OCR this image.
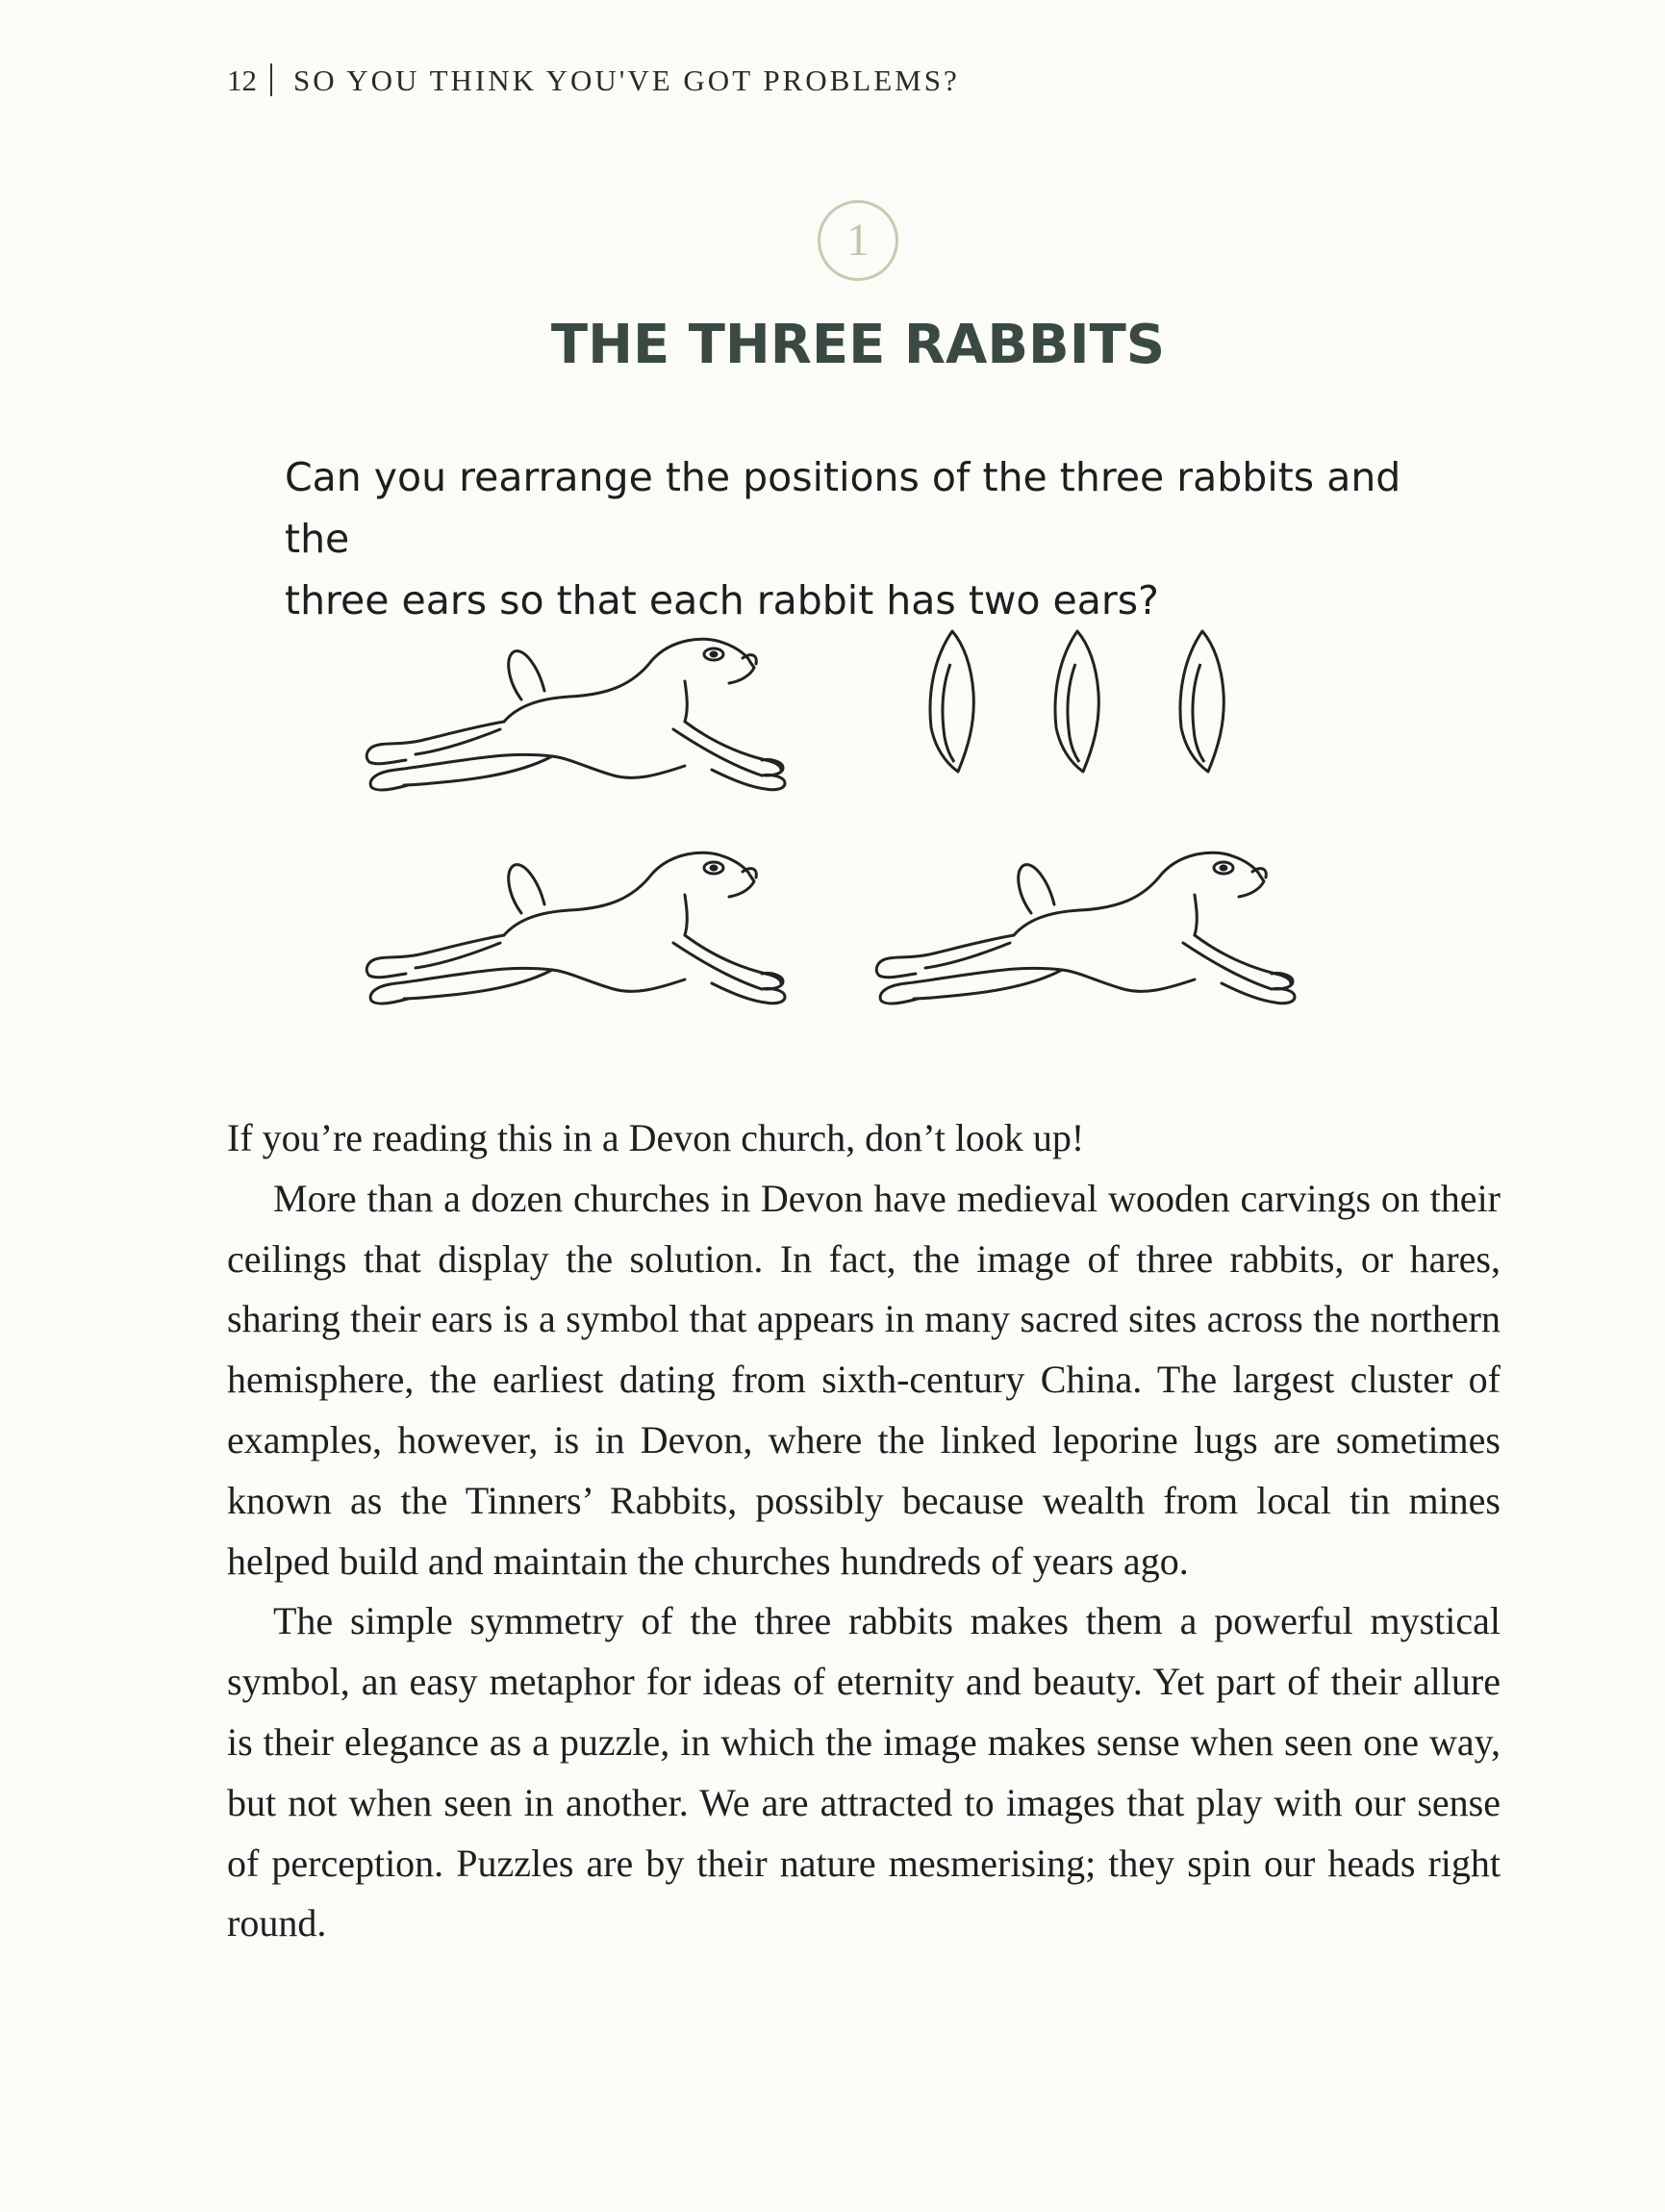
12 SO YOU THINK YOU'VE GOT PROBLEMS?
1
THE THREE RABBITS
Can you rearrange the positions of the three rabbits and the
three ears so that each rabbit has two ears?

If you’re reading this in a Devon church, don’t look up!

More than a dozen churches in Devon have medieval wooden carvings on their ceilings that display the solution. In fact, the image of three rabbits, or hares, sharing their ears is a symbol that appears in many sacred sites across the northern hemisphere, the earliest dating from sixth-century China. The largest cluster of examples, however, is in Devon, where the linked leporine lugs are sometimes known as the Tinners’ Rabbits, possibly because wealth from local tin mines helped build and maintain the churches hundreds of years ago.

The simple symmetry of the three rabbits makes them a powerful mystical symbol, an easy metaphor for ideas of eternity and beauty. Yet part of their allure is their elegance as a puzzle, in which the image makes sense when seen one way, but not when seen in another. We are attracted to images that play with our sense of perception. Puzzles are by their nature mesmerising; they spin our heads right round.
